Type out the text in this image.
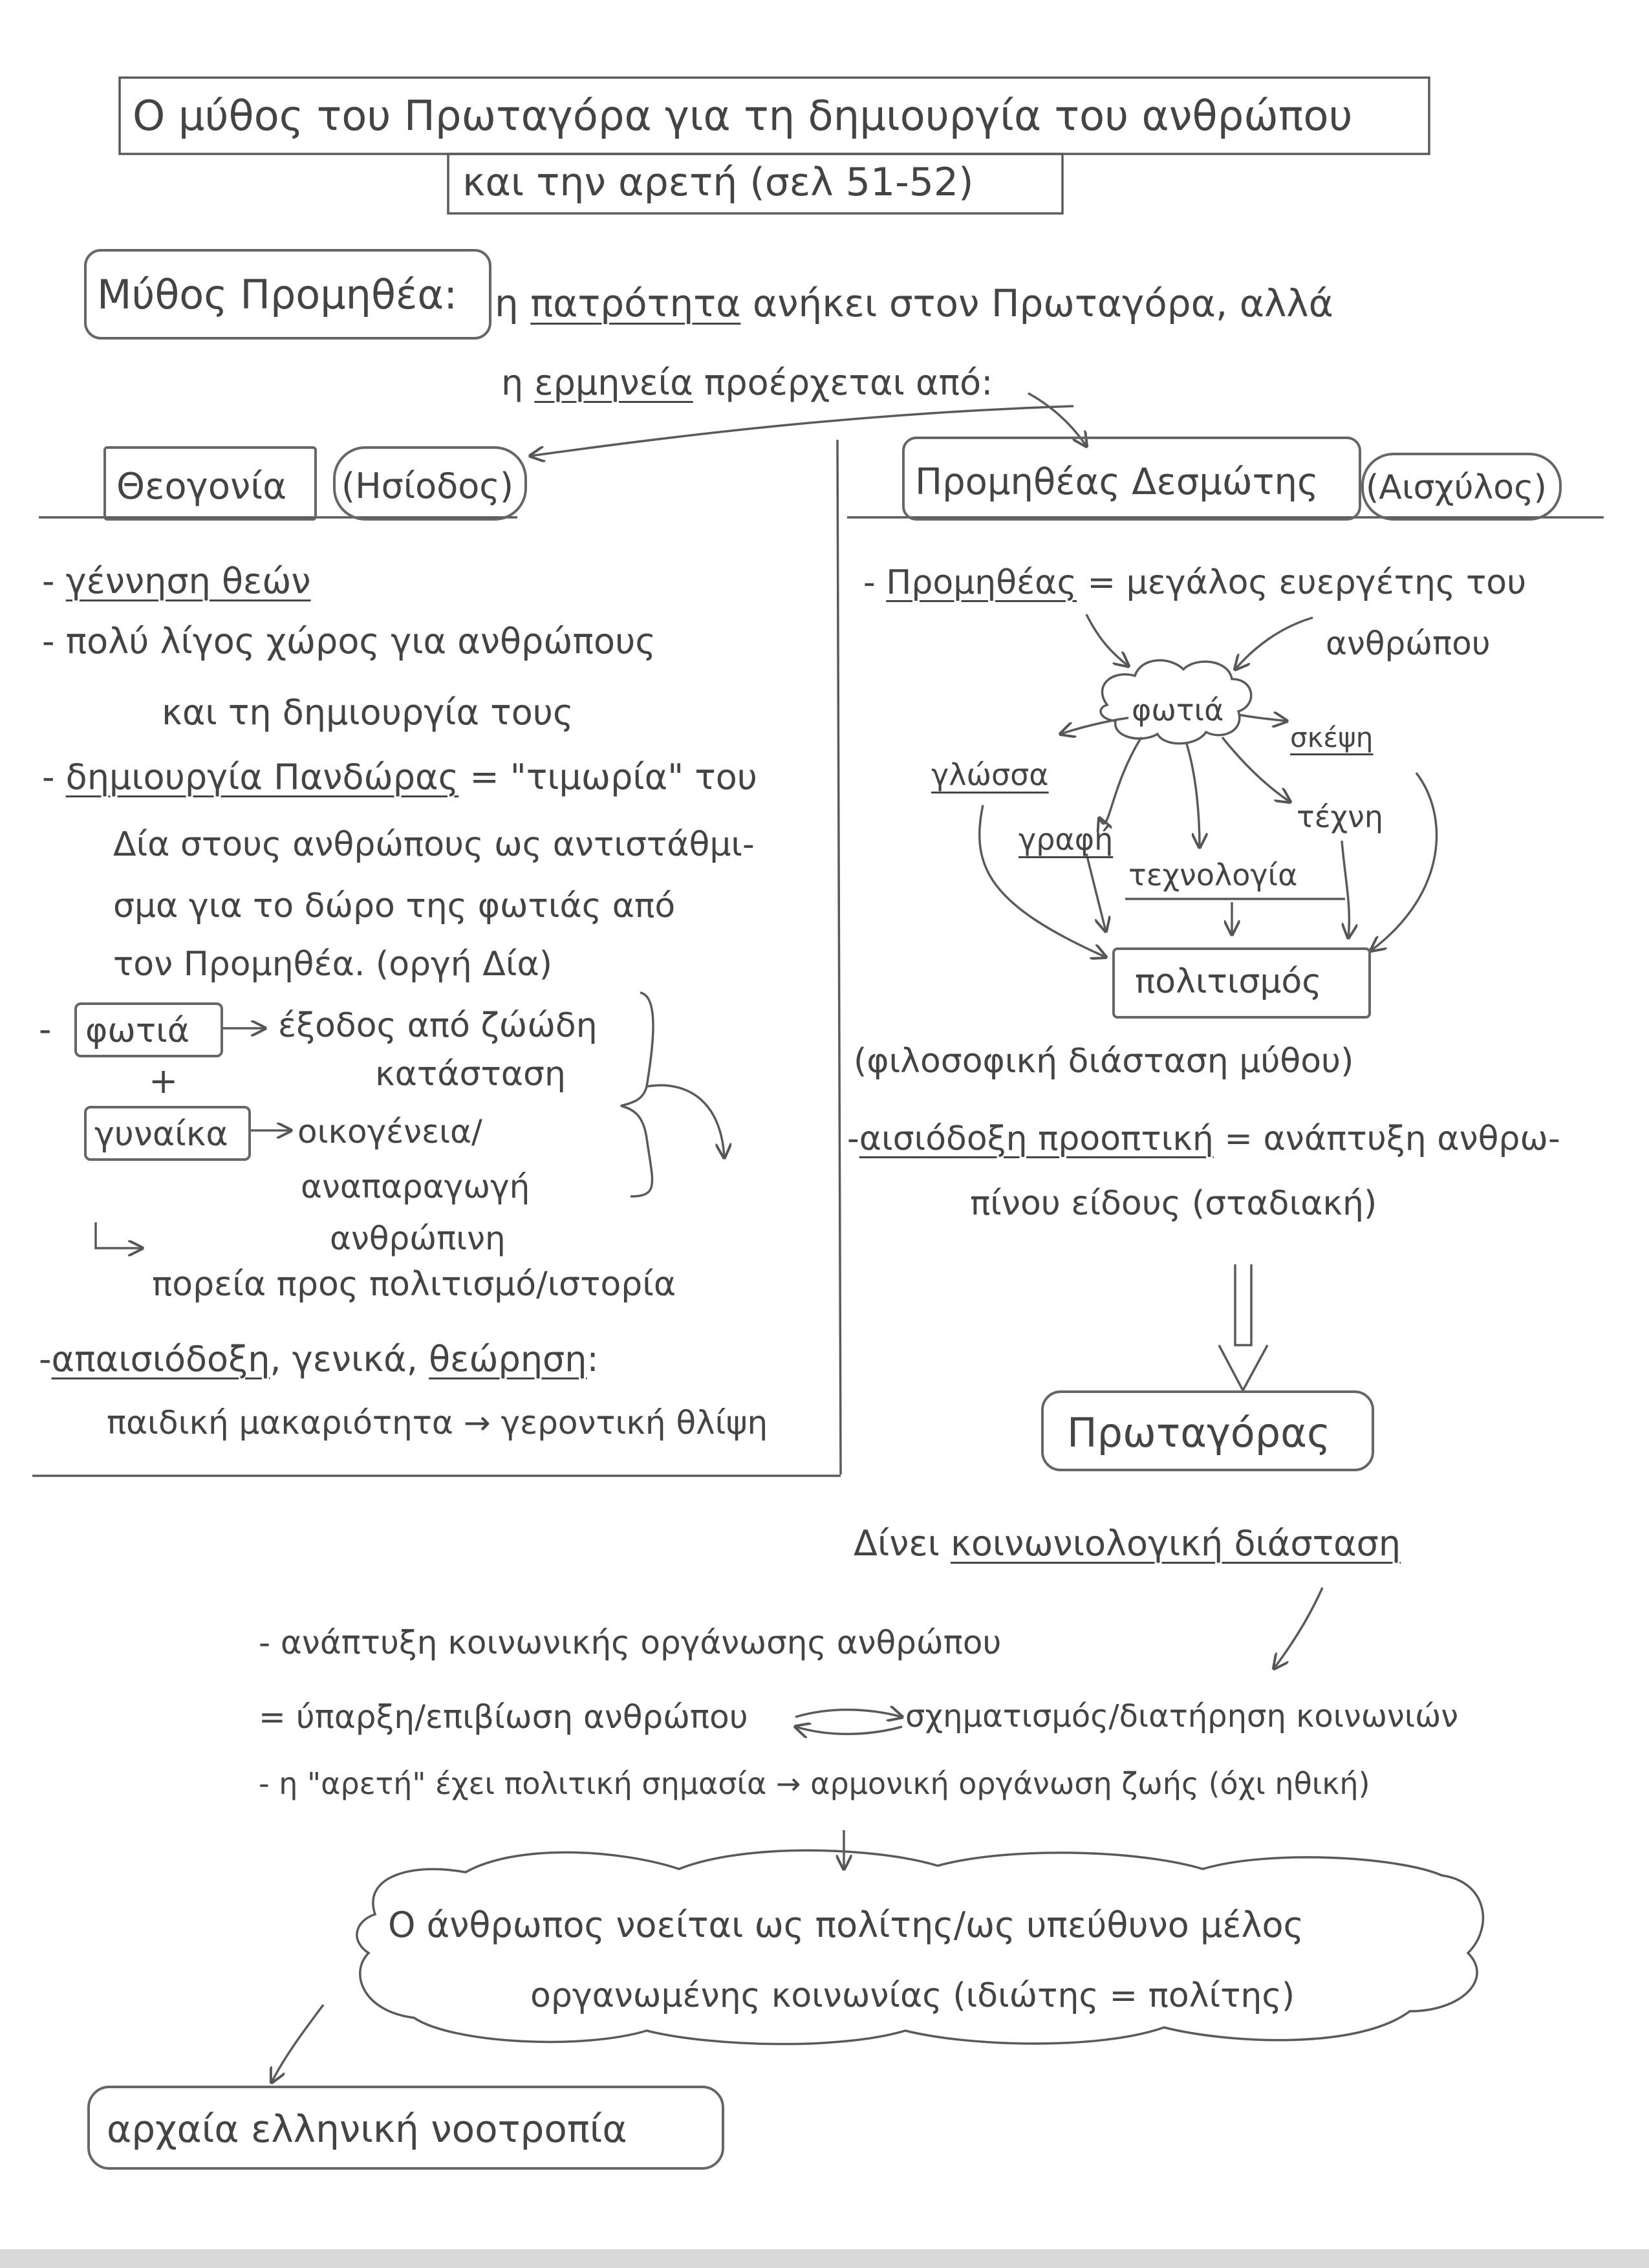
Ο μύθος του Πρωταγόρα για τη δημιουργία του ανθρώπου
και την αρετή (σελ 51-52)
Μύθος Προμηθέα: η πατρότητα ανήκει στον Πρωταγόρα, αλλά
η ερμηνεία προέρχεται από:
Θεογονία (Ησίοδος)
- γέννηση θεών
- πολύ λίγος χώρος για ανθρώπους
και τη δημιουργία τους
- δημιουργία Πανδώρας = "τιμωρία" του
Δία στους ανθρώπους ως αντιστάθμι-
σμα για το δώρο της φωτιάς από
τον Προμηθέα. (οργή Δία)
- φωτιά	έξοδος από ζώώδη
κατάσταση
+
γυναίκα οικογένεια/
αναπαραγωγή
ανθρώπινη
πορεία προς πολιτισμό/ιστορία
-απαισιόδοξη, γενικά, θεώρηση:
παιδική μακαριότητα → γεροντική θλίψη
Προμηθέας Δεσμώτης (Αισχύλος)
- Προμηθέας = μεγάλος ευεργέτης του
ανθρώπου
φωτιά
σκέψη
γλώσσα
τέχνη
γραφή
τεχνολογία
πολιτισμός
(φιλοσοφική διάσταση μύθου)
-αισιόδοξη προοπτική = ανάπτυξη ανθρω-
πίνου είδους (σταδιακή)
Πρωταγόρας
Δίνει κοινωνιολογική διάσταση
- ανάπτυξη κοινωνικής οργάνωσης ανθρώπου
= ύπαρξη/επιβίωση ανθρώπου	σχηματισμός/διατήρηση κοινωνιών
- η "αρετή" έχει πολιτική σημασία → αρμονική οργάνωση ζωής (όχι ηθική)
Ο άνθρωπος νοείται ως πολίτης/ως υπεύθυνο μέλος
οργανωμένης κοινωνίας (ιδιώτης = πολίτης)
αρχαία ελληνική νοοτροπία
